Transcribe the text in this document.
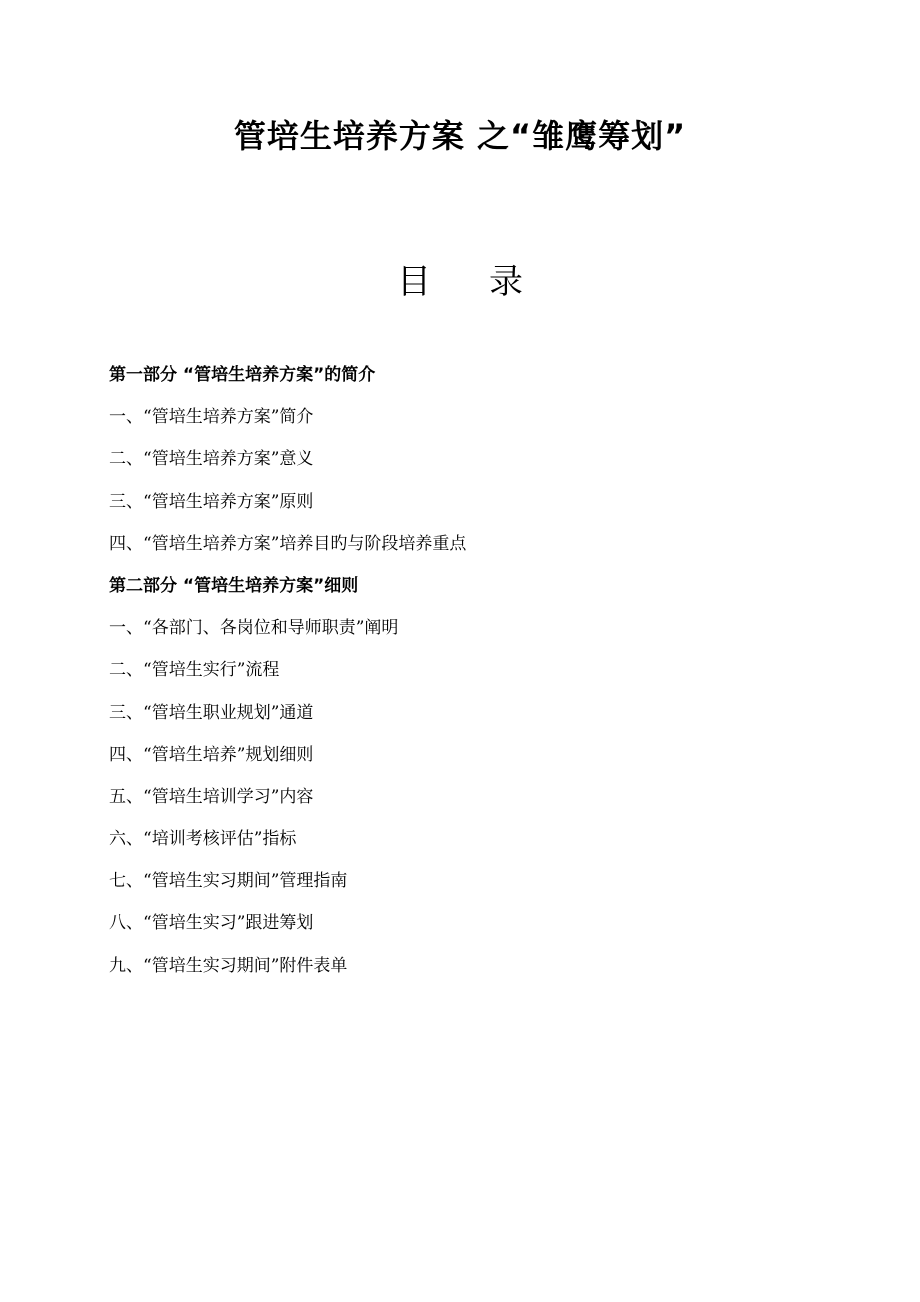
管培生培养方案 之“雏鹰筹划”
目 录
第一部分 “管培生培养方案”的简介
一、“管培生培养方案”简介
二、“管培生培养方案”意义
三、“管培生培养方案”原则
四、“管培生培养方案”培养目旳与阶段培养重点
第二部分 “管培生培养方案”细则
一、“各部门、各岗位和导师职责”阐明
二、“管培生实行”流程
三、“管培生职业规划”通道
四、“管培生培养”规划细则
五、“管培生培训学习”内容
六、“培训考核评估”指标
七、“管培生实习期间”管理指南
八、“管培生实习”跟进筹划
九、“管培生实习期间”附件表单
